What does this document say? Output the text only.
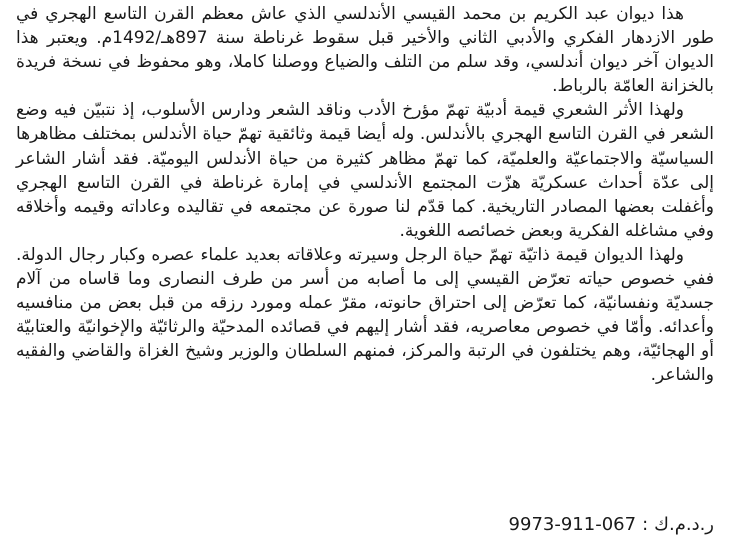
هذا ديوان عبد الكريم بن محمد القيسي الأندلسي الذي عاش معظم القرن التاسع الهجري في طور الازدهار الفكري والأدبي الثاني والأخير قبل سقوط غرناطة سنة 897هـ/1492م. ويعتبر هذا الديوان آخر ديوان أندلسي، وقد سلم من التلف والضياع ووصلنا كاملا، وهو محفوظ في نسخة فريدة بالخزانة العامّة بالرباط.

ولهذا الأثر الشعري قيمة أدبيّة تهمّ مؤرخ الأدب وناقد الشعر ودارس الأسلوب، إذ نتبيّن فيه وضع الشعر في القرن التاسع الهجري بالأندلس. وله أيضا قيمة وثائقية تهمّ حياة الأندلس بمختلف مظاهرها السياسيّة والاجتماعيّة والعلميّة، كما تهمّ مظاهر كثيرة من حياة الأندلس اليوميّة. فقد أشار الشاعر إلى عدّة أحداث عسكريّة هزّت المجتمع الأندلسي في إمارة غرناطة في القرن التاسع الهجري وأغفلت بعضها المصادر التاريخية. كما قدّم لنا صورة عن مجتمعه في تقاليده وعاداته وقيمه وأخلاقه وفي مشاغله الفكرية وبعض خصائصه اللغوية.

ولهذا الديوان قيمة ذاتيّة تهمّ حياة الرجل وسيرته وعلاقاته بعديد علماء عصره وكبار رجال الدولة. ففي خصوص حياته تعرّض القيسي إلى ما أصابه من أسر من طرف النصارى وما قاساه من آلام جسديّة ونفسانيّة، كما تعرّض إلى احتراق حانوته، مقرّ عمله ومورد رزقه من قبل بعض من منافسيه وأعدائه. وأمّا في خصوص معاصريه، فقد أشار إليهم في قصائده المدحيّة والرثائيّة والإخوانيّة والعتابيّة أو الهجائيّة، وهم يختلفون في الرتبة والمركز، فمنهم السلطان والوزير وشيخ الغزاة والقاضي والفقيه والشاعر.

ر.د.م.ك:9973-911-067
